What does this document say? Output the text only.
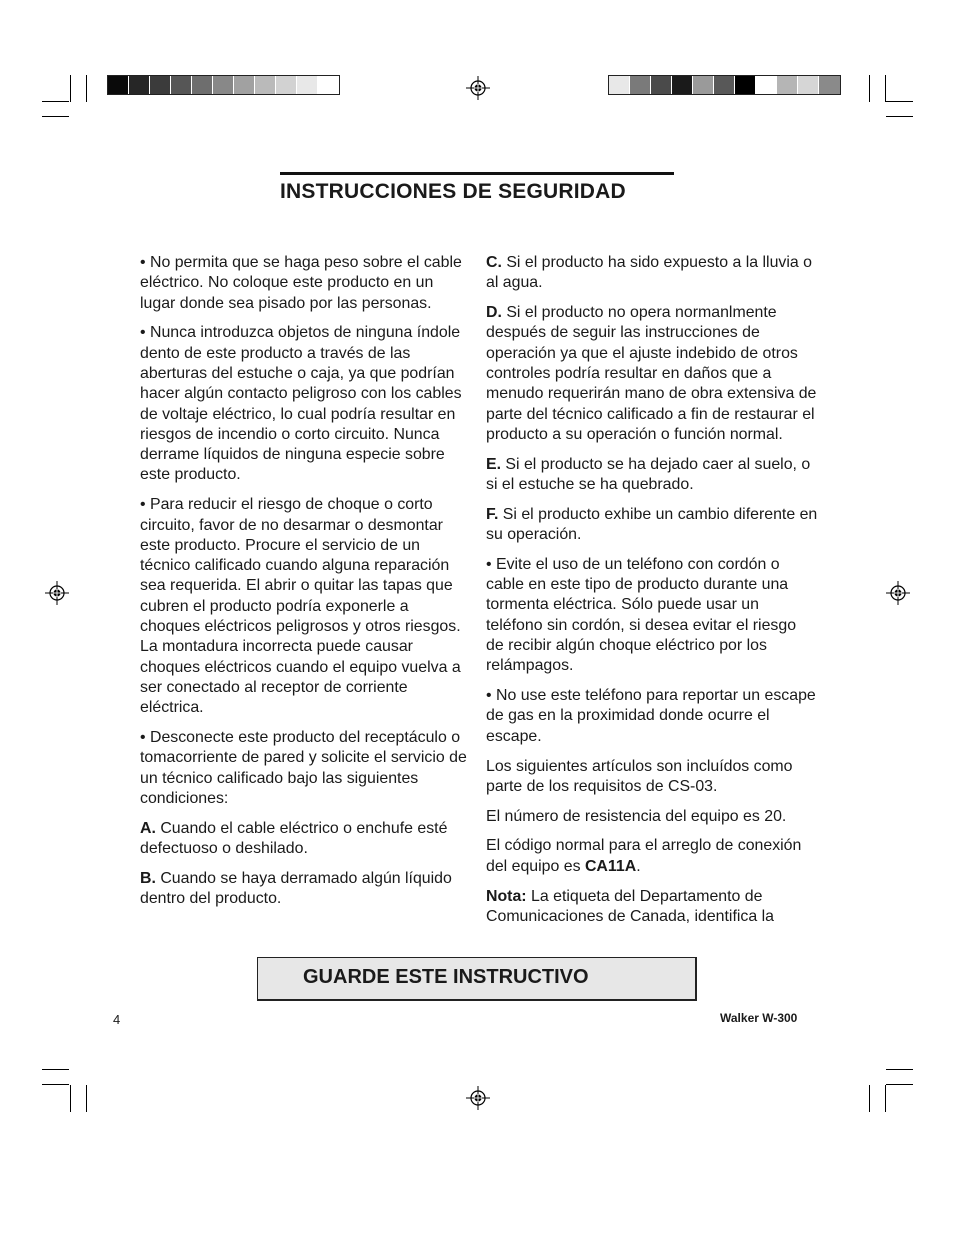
INSTRUCCIONES DE SEGURIDAD

• No permita que se haga peso sobre el cable eléctrico. No coloque este producto en un lugar donde sea pisado por las personas.

• Nunca introduzca objetos de ninguna índole dento de este producto a través de las aberturas del estuche o caja, ya que podrían hacer algún contacto peligroso con los cables de voltaje eléctrico, lo cual podría resultar en riesgos de incendio o corto circuito. Nunca derrame líquidos de ninguna especie sobre este producto.

• Para reducir el riesgo de choque o corto circuito, favor de no desarmar o desmontar este producto. Procure el servicio de un técnico calificado cuando alguna reparación sea requerida. El abrir o quitar las tapas que cubren el producto podría exponerle a choques eléctricos peligrosos y otros riesgos. La montadura incorrecta puede causar choques eléctricos cuando el equipo vuelva a ser conectado al receptor de corriente eléctrica.

• Desconecte este producto del receptáculo o tomacorriente de pared y solicite el servicio de un técnico calificado bajo las siguientes condiciones:

A. Cuando el cable eléctrico o enchufe esté defectuoso o deshilado.

B. Cuando se haya derramado algún líquido dentro del producto.

C. Si el producto ha sido expuesto a la lluvia o al agua.

D. Si el producto no opera normanlmente después de seguir las instrucciones de operación ya que el ajuste indebido de otros controles podría resultar en daños que a menudo requerirán mano de obra extensiva de parte del técnico calificado a fin de restaurar el producto a su operación o función normal.

E. Si el producto se ha dejado caer al suelo, o si el estuche se ha quebrado.

F. Si el producto exhibe un cambio diferente en su operación.

• Evite el uso de un teléfono con cordón o cable en este tipo de producto durante una tormenta eléctrica. Sólo puede usar un teléfono sin cordón, si desea evitar el riesgo de recibir algún choque eléctrico por los relámpagos.

• No use este teléfono para reportar un escape de gas en la proximidad donde ocurre el escape.

Los siguientes artículos son incluídos como parte de los requisitos de CS-03.

El número de resistencia del equipo es 20.

El código normal para el arreglo de conexión del equipo es CA11A.

Nota: La etiqueta del Departamento de Comunicaciones de Canada, identifica la

GUARDE ESTE INSTRUCTIVO

4	Walker W-300
